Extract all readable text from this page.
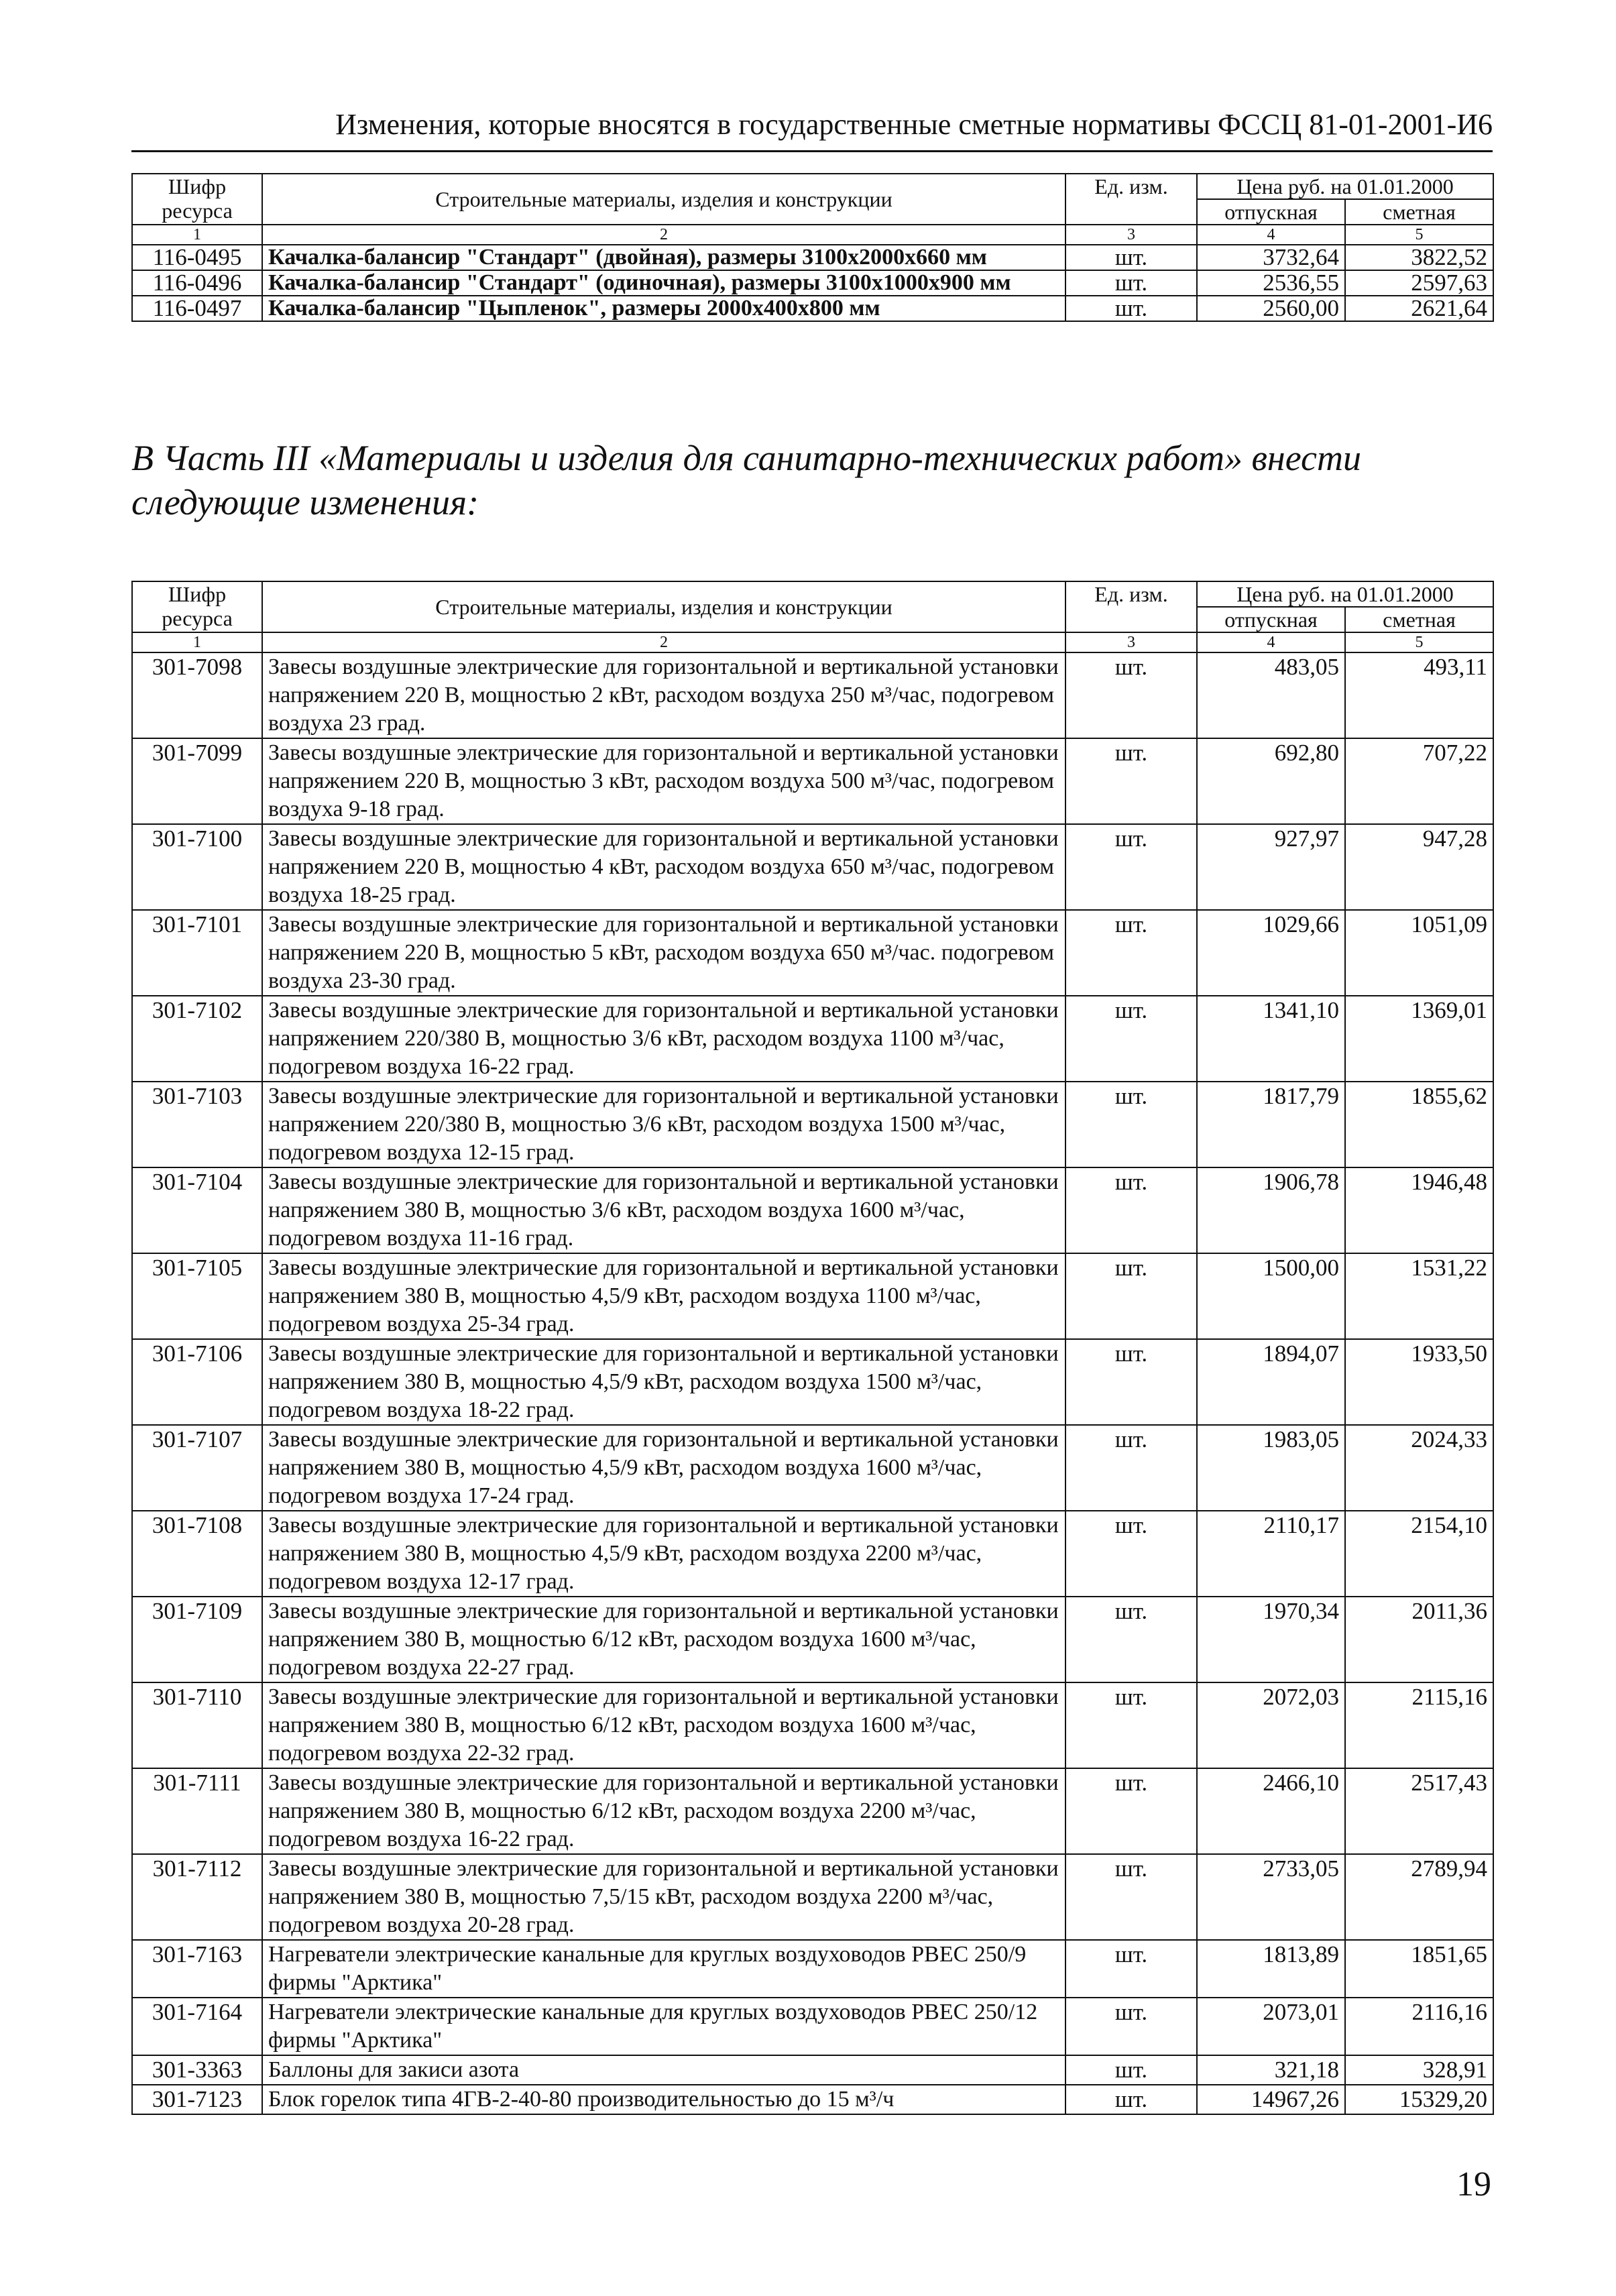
Изменения, которые вносятся в государственные сметные нормативы ФССЦ 81-01-2001-И6
Шифр ресурса	Строительные материалы, изделия и конструкции	Ед. изм.	Цена руб. на 01.01.2000	
			отпускная	сметная
1	2	3	4	5
116-0495	Качалка-балансир "Стандарт" (двойная), размеры 3100х2000х660 мм	шт.	3732,64	3822,52
116-0496	Качалка-балансир "Стандарт" (одиночная), размеры 3100х1000х900 мм	шт.	2536,55	2597,63
116-0497	Качалка-балансир "Цыпленок", размеры 2000х400х800 мм	шт.	2560,00	2621,64
В Часть III «Материалы и изделия для санитарно-технических работ» внести следующие изменения:
Шифр ресурса	Строительные материалы, изделия и конструкции	Ед. изм.	Цена руб. на 01.01.2000	
			отпускная	сметная
1	2	3	4	5
301-7098	Завесы воздушные электрические для горизонтальной и вертикальной установки напряжением 220 В, мощностью 2 кВт, расходом воздуха 250 м³/час, подогревом воздуха 23 град.	шт.	483,05	493,11
301-7099	Завесы воздушные электрические для горизонтальной и вертикальной установки напряжением 220 В, мощностью 3 кВт, расходом воздуха 500 м³/час, подогревом воздуха 9-18 град.	шт.	692,80	707,22
301-7100	Завесы воздушные электрические для горизонтальной и вертикальной установки напряжением 220 В, мощностью 4 кВт, расходом воздуха 650 м³/час, подогревом воздуха 18-25 град.	шт.	927,97	947,28
301-7101	Завесы воздушные электрические для горизонтальной и вертикальной установки напряжением 220 В, мощностью 5 кВт, расходом воздуха 650 м³/час. подогревом воздуха 23-30 град.	шт.	1029,66	1051,09
301-7102	Завесы воздушные электрические для горизонтальной и вертикальной установки напряжением 220/380 В, мощностью 3/6 кВт, расходом воздуха 1100 м³/час, подогревом воздуха 16-22 град.	шт.	1341,10	1369,01
301-7103	Завесы воздушные электрические для горизонтальной и вертикальной установки напряжением 220/380 В, мощностью 3/6 кВт, расходом воздуха 1500 м³/час, подогревом воздуха 12-15 град.	шт.	1817,79	1855,62
301-7104	Завесы воздушные электрические для горизонтальной и вертикальной установки напряжением 380 В, мощностью 3/6 кВт, расходом воздуха 1600 м³/час, подогревом воздуха 11-16 град.	шт.	1906,78	1946,48
301-7105	Завесы воздушные электрические для горизонтальной и вертикальной установки напряжением 380 В, мощностью 4,5/9 кВт, расходом воздуха 1100 м³/час, подогревом воздуха 25-34 град.	шт.	1500,00	1531,22
301-7106	Завесы воздушные электрические для горизонтальной и вертикальной установки напряжением 380 В, мощностью 4,5/9 кВт, расходом воздуха 1500 м³/час, подогревом воздуха 18-22 град.	шт.	1894,07	1933,50
301-7107	Завесы воздушные электрические для горизонтальной и вертикальной установки напряжением 380 В, мощностью 4,5/9 кВт, расходом воздуха 1600 м³/час, подогревом воздуха 17-24 град.	шт.	1983,05	2024,33
301-7108	Завесы воздушные электрические для горизонтальной и вертикальной установки напряжением 380 В, мощностью 4,5/9 кВт, расходом воздуха 2200 м³/час, подогревом воздуха 12-17 град.	шт.	2110,17	2154,10
301-7109	Завесы воздушные электрические для горизонтальной и вертикальной установки напряжением 380 В, мощностью 6/12 кВт, расходом воздуха 1600 м³/час, подогревом воздуха 22-27 град.	шт.	1970,34	2011,36
301-7110	Завесы воздушные электрические для горизонтальной и вертикальной установки напряжением 380 В, мощностью 6/12 кВт, расходом воздуха 1600 м³/час, подогревом воздуха 22-32 град.	шт.	2072,03	2115,16
301-7111	Завесы воздушные электрические для горизонтальной и вертикальной установки напряжением 380 В, мощностью 6/12 кВт, расходом воздуха 2200 м³/час, подогревом воздуха 16-22 град.	шт.	2466,10	2517,43
301-7112	Завесы воздушные электрические для горизонтальной и вертикальной установки напряжением 380 В, мощностью 7,5/15 кВт, расходом воздуха 2200 м³/час, подогревом воздуха 20-28 град.	шт.	2733,05	2789,94
301-7163	Нагреватели электрические канальные для круглых воздуховодов РВЕС 250/9 фирмы "Арктика"	шт.	1813,89	1851,65
301-7164	Нагреватели электрические канальные для круглых воздуховодов РВЕС 250/12 фирмы "Арктика"	шт.	2073,01	2116,16
301-3363	Баллоны для закиси азота	шт.	321,18	328,91
301-7123	Блок горелок типа 4ГВ-2-40-80 производительностью до 15 м³/ч	шт.	14967,26	15329,20
19
